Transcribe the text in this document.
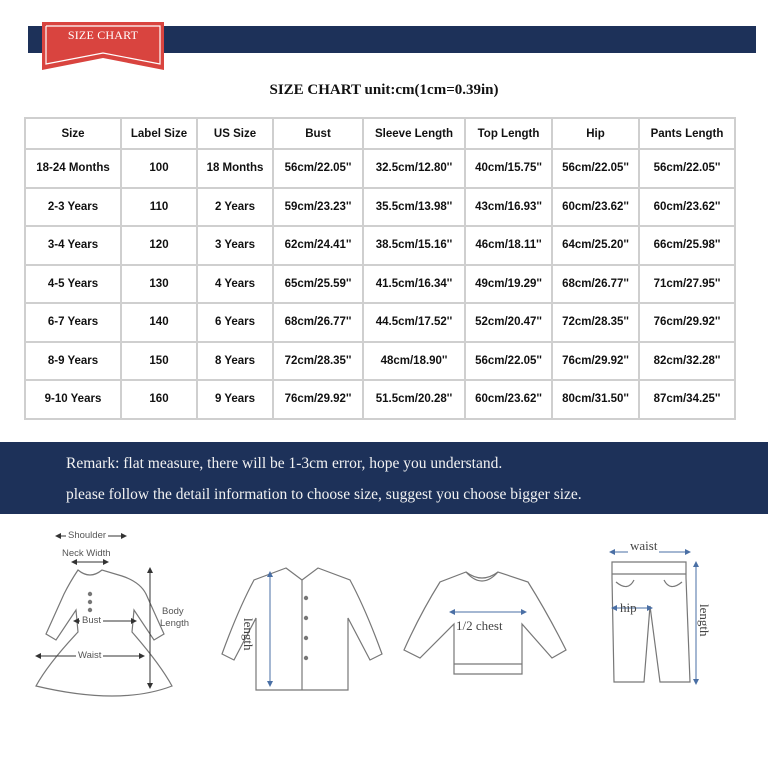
SIZE CHART
SIZE CHART unit:cm(1cm=0.39in)
Size	Label Size	US Size	Bust	Sleeve Length	Top Length	Hip	Pants Length
18-24 Months	100	18 Months	56cm/22.05''	32.5cm/12.80''	40cm/15.75''	56cm/22.05''	56cm/22.05''
2-3 Years	110	2 Years	59cm/23.23''	35.5cm/13.98''	43cm/16.93''	60cm/23.62''	60cm/23.62''
3-4 Years	120	3 Years	62cm/24.41''	38.5cm/15.16''	46cm/18.11''	64cm/25.20''	66cm/25.98''
4-5 Years	130	4 Years	65cm/25.59''	41.5cm/16.34''	49cm/19.29''	68cm/26.77''	71cm/27.95''
6-7 Years	140	6 Years	68cm/26.77''	44.5cm/17.52''	52cm/20.47''	72cm/28.35''	76cm/29.92''
8-9 Years	150	8 Years	72cm/28.35''	48cm/18.90''	56cm/22.05''	76cm/29.92''	82cm/32.28''
9-10 Years	160	9 Years	76cm/29.92''	51.5cm/20.28''	60cm/23.62''	80cm/31.50''	87cm/34.25''
Remark: flat measure, there will be 1-3cm error, hope you understand.
please follow the detail information to choose size, suggest you choose bigger size.
Shoulder
Neck Width
Bust
Waist
Body
Length	length	1/2 chest
waist
hip	length
